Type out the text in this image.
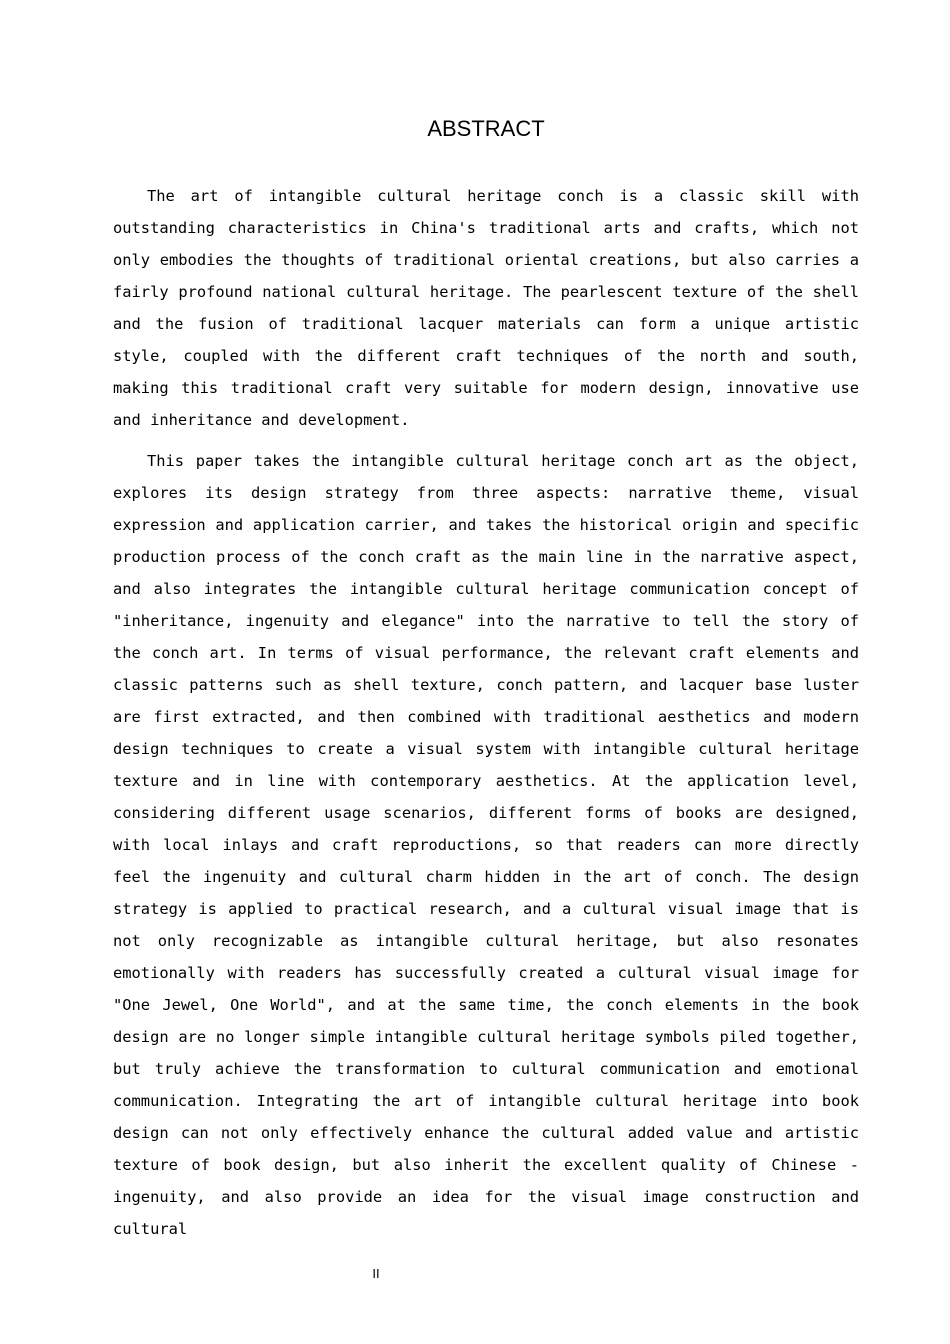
ABSTRACT

The art of intangible cultural heritage conch is a classic skill with outstanding characteristics in China's traditional arts and crafts, which not only embodies the thoughts of traditional oriental creations, but also carries a fairly profound national cultural heritage. The pearlescent texture of the shell and the fusion of traditional lacquer materials can form a unique artistic style, coupled with the different craft techniques of the north and south, making this traditional craft very suitable for modern design, innovative use and inheritance and development.

This paper takes the intangible cultural heritage conch art as the object, explores its design strategy from three aspects: narrative theme, visual expression and application carrier, and takes the historical origin and specific production process of the conch craft as the main line in the narrative aspect, and also integrates the intangible cultural heritage communication concept of "inheritance, ingenuity and elegance" into the narrative to tell the story of the conch art. In terms of visual performance, the relevant craft elements and classic patterns such as shell texture, conch pattern, and lacquer base luster are first extracted, and then combined with traditional aesthetics and modern design techniques to create a visual system with intangible cultural heritage texture and in line with contemporary aesthetics. At the application level, considering different usage scenarios, different forms of books are designed, with local inlays and craft reproductions, so that readers can more directly feel the ingenuity and cultural charm hidden in the art of conch. The design strategy is applied to practical research, and a cultural visual image that is not only recognizable as intangible cultural heritage, but also resonates emotionally with readers has successfully created a cultural visual image for "One Jewel, One World", and at the same time, the conch elements in the book design are no longer simple intangible cultural heritage symbols piled together, but truly achieve the transformation to cultural communication and emotional communication. Integrating the art of intangible cultural heritage into book design can not only effectively enhance the cultural added value and artistic texture of book design, but also inherit the excellent quality of Chinese - ingenuity, and also provide an idea for the visual image construction and cultural

II
